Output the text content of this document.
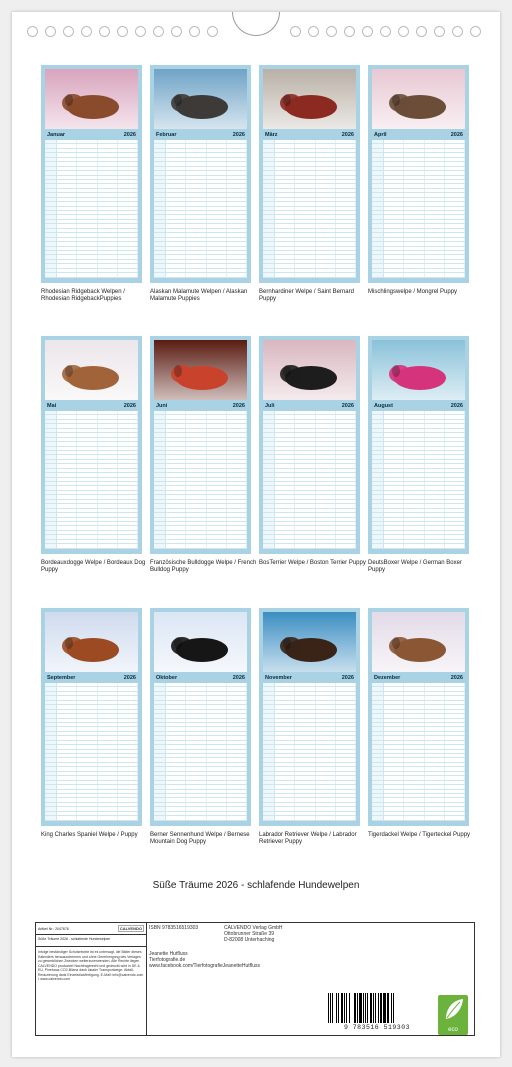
Januar	2026
Rhodesian Ridgeback Welpen / Rhodesian RidgebackPuppies
Februar	2026
Alaskan Malamute Welpen / Alaskan Malamute Puppies
März	2026
Bernhardiner Welpe / Saint Bernard Puppy
April	2026
Mischlingswelpe / Mongrel Puppy
Mai	2026
Bordeauxdogge Welpe / Bordeaux Dog Puppy
Juni	2026
Französische Bulldogge Welpe / French Bulldog Puppy
Juli	2026
BosTerrier Welpe / Boston Terrier Puppy
August	2026
DeutsBoxer Welpe / German Boxer Puppy
September	2026
King Charles Spaniel Welpe / Puppy
Oktober	2026
Berner Sennenhund Welpe / Bernese Mountain Dog Puppy
November	2026
Labrador Retriever Welpe / Labrador Retriever Puppy
Dezember	2026
Tigerdackel Welpe / Tigerteckel Puppy
Süße Träume 2026 - schlafende Hundewelpen
Artikel Nr.: 2047676	CALVENDO
Süße Träume 2026 - schlafende Hundewelpen
Infolge beständiger Schutzrechte ist es untersagt, die Bilder dieses Kalenders herauszutrennen und ohne Genehmigung des Verlages zu gewerblichen Zwecken weiterzuverwenden. Alle Rechte liegen CALVENDO produziert Nachfragerecht und gedruckt wird in DE & EU. Pinehaus CO2-Bilanz dank lokaler Transportwege. Abfall-Reduzierung dank Einzelstückfertigung. E-Mail: info@calvendo.com • www.calvendo.com
ISBN 9783516519303	CALVENDO Verlag GmbH
Ottobrunner Straße 39
D-82008 Unterhaching
Jeanette Hutfluss
Tierfotografie.de
www.facebook.com/TierfotografieJeanetteHutfluss
9 783516 519303	eco
